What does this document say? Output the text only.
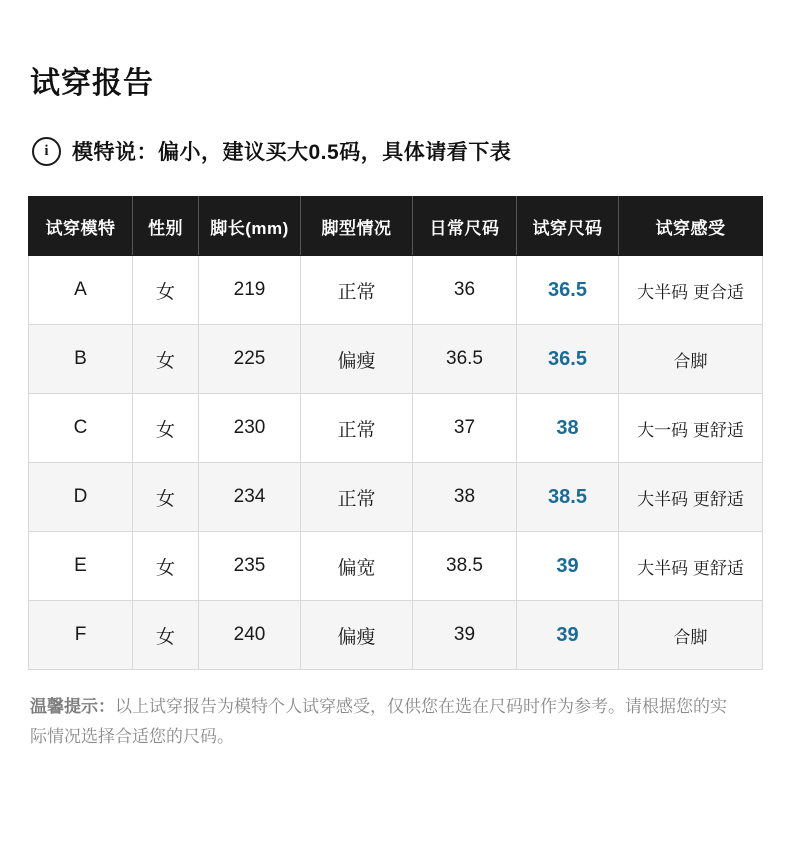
试穿报告
i	模特说：偏小，建议买大0.5码，具体请看下表
试穿模特	性别	脚长(mm)	脚型情况	日常尺码	试穿尺码	试穿感受
A	女	219	正常	36	36.5	大半码 更合适
B	女	225	偏瘦	36.5	36.5	合脚
C	女	230	正常	37	38	大一码 更舒适
D	女	234	正常	38	38.5	大半码 更舒适
E	女	235	偏宽	38.5	39	大半码 更舒适
F	女	240	偏瘦	39	39	合脚

温馨提示：以上试穿报告为模特个人试穿感受，仅供您在选在尺码时作为参考。请根据您的实际情况选择合适您的尺码。
